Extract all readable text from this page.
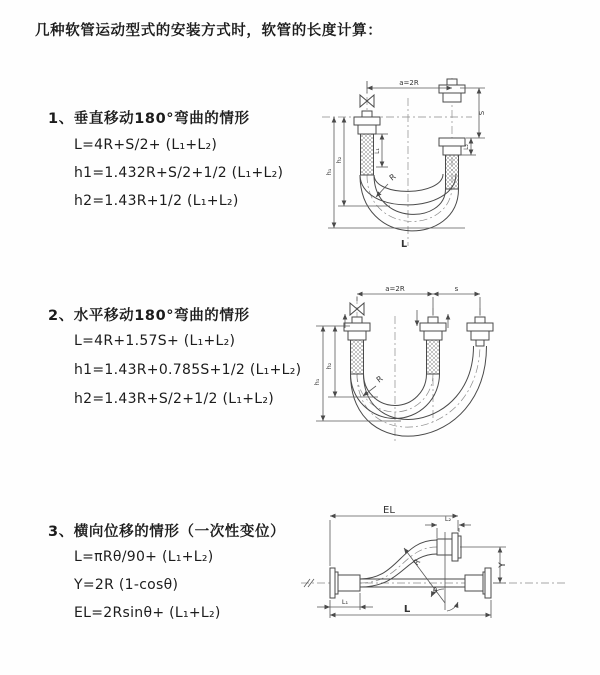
几种软管运动型式的安装方式时，软管的长度计算：
1、垂直移动180°弯曲的情形
L=4R+S/2+ (L₁+L₂)
h1=1.432R+S/2+1/2 (L₁+L₂)
h2=1.43R+1/2 (L₁+L₂)
2、水平移动180°弯曲的情形
L=4R+1.57S+ (L₁+L₂)
h1=1.43R+0.785S+1/2 (L₁+L₂)
h2=1.43R+S/2+1/2 (L₁+L₂)
3、横向位移的情形（一次性变位）
L=πRθ/90+ (L₁+L₂)
Y=2R (1-cosθ)
EL=2Rsinθ+ (L₁+L₂)
a=2R
S
L₂
L₁
h₁
h₂
R
L
a=2R	s
h₁
h₂
R
EL
L₂
Y
L
L₁
R
θ
